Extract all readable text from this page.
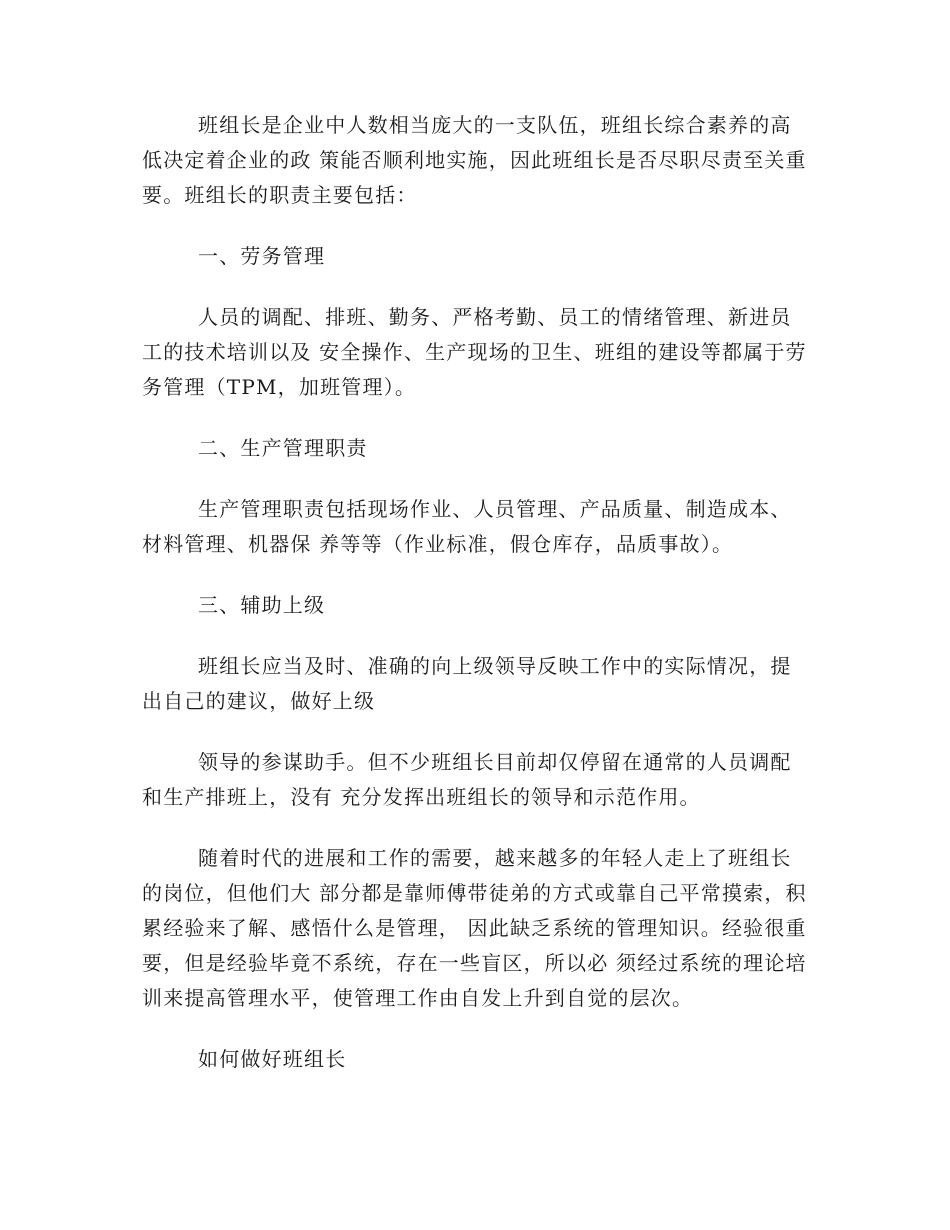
班组长是企业中人数相当庞大的一支队伍，班组长综合素养的高低决定着企业的政 策能否顺利地实施，因此班组长是否尽职尽责至关重要。班组长的职责主要包括：

一、劳务管理

人员的调配、排班、勤务、严格考勤、员工的情绪管理、新进员工的技术培训以及 安全操作、生产现场的卫生、班组的建设等都属于劳务管理（TPM，加班管理）。

二、生产管理职责

生产管理职责包括现场作业、人员管理、产品质量、制造成本、材料管理、机器保 养等等（作业标准，假仓库存，品质事故）。

三、辅助上级

班组长应当及时、准确的向上级领导反映工作中的实际情况，提出自己的建议，做好上级

领导的参谋助手。但不少班组长目前却仅停留在通常的人员调配和生产排班上，没有 充分发挥出班组长的领导和示范作用。

随着时代的进展和工作的需要，越来越多的年轻人走上了班组长的岗位，但他们大 部分都是靠师傅带徒弟的方式或靠自己平常摸索，积累经验来了解、感悟什么是管理， 因此缺乏系统的管理知识。经验很重要，但是经验毕竟不系统，存在一些盲区，所以必 须经过系统的理论培训来提高管理水平，使管理工作由自发上升到自觉的层次。

如何做好班组长
